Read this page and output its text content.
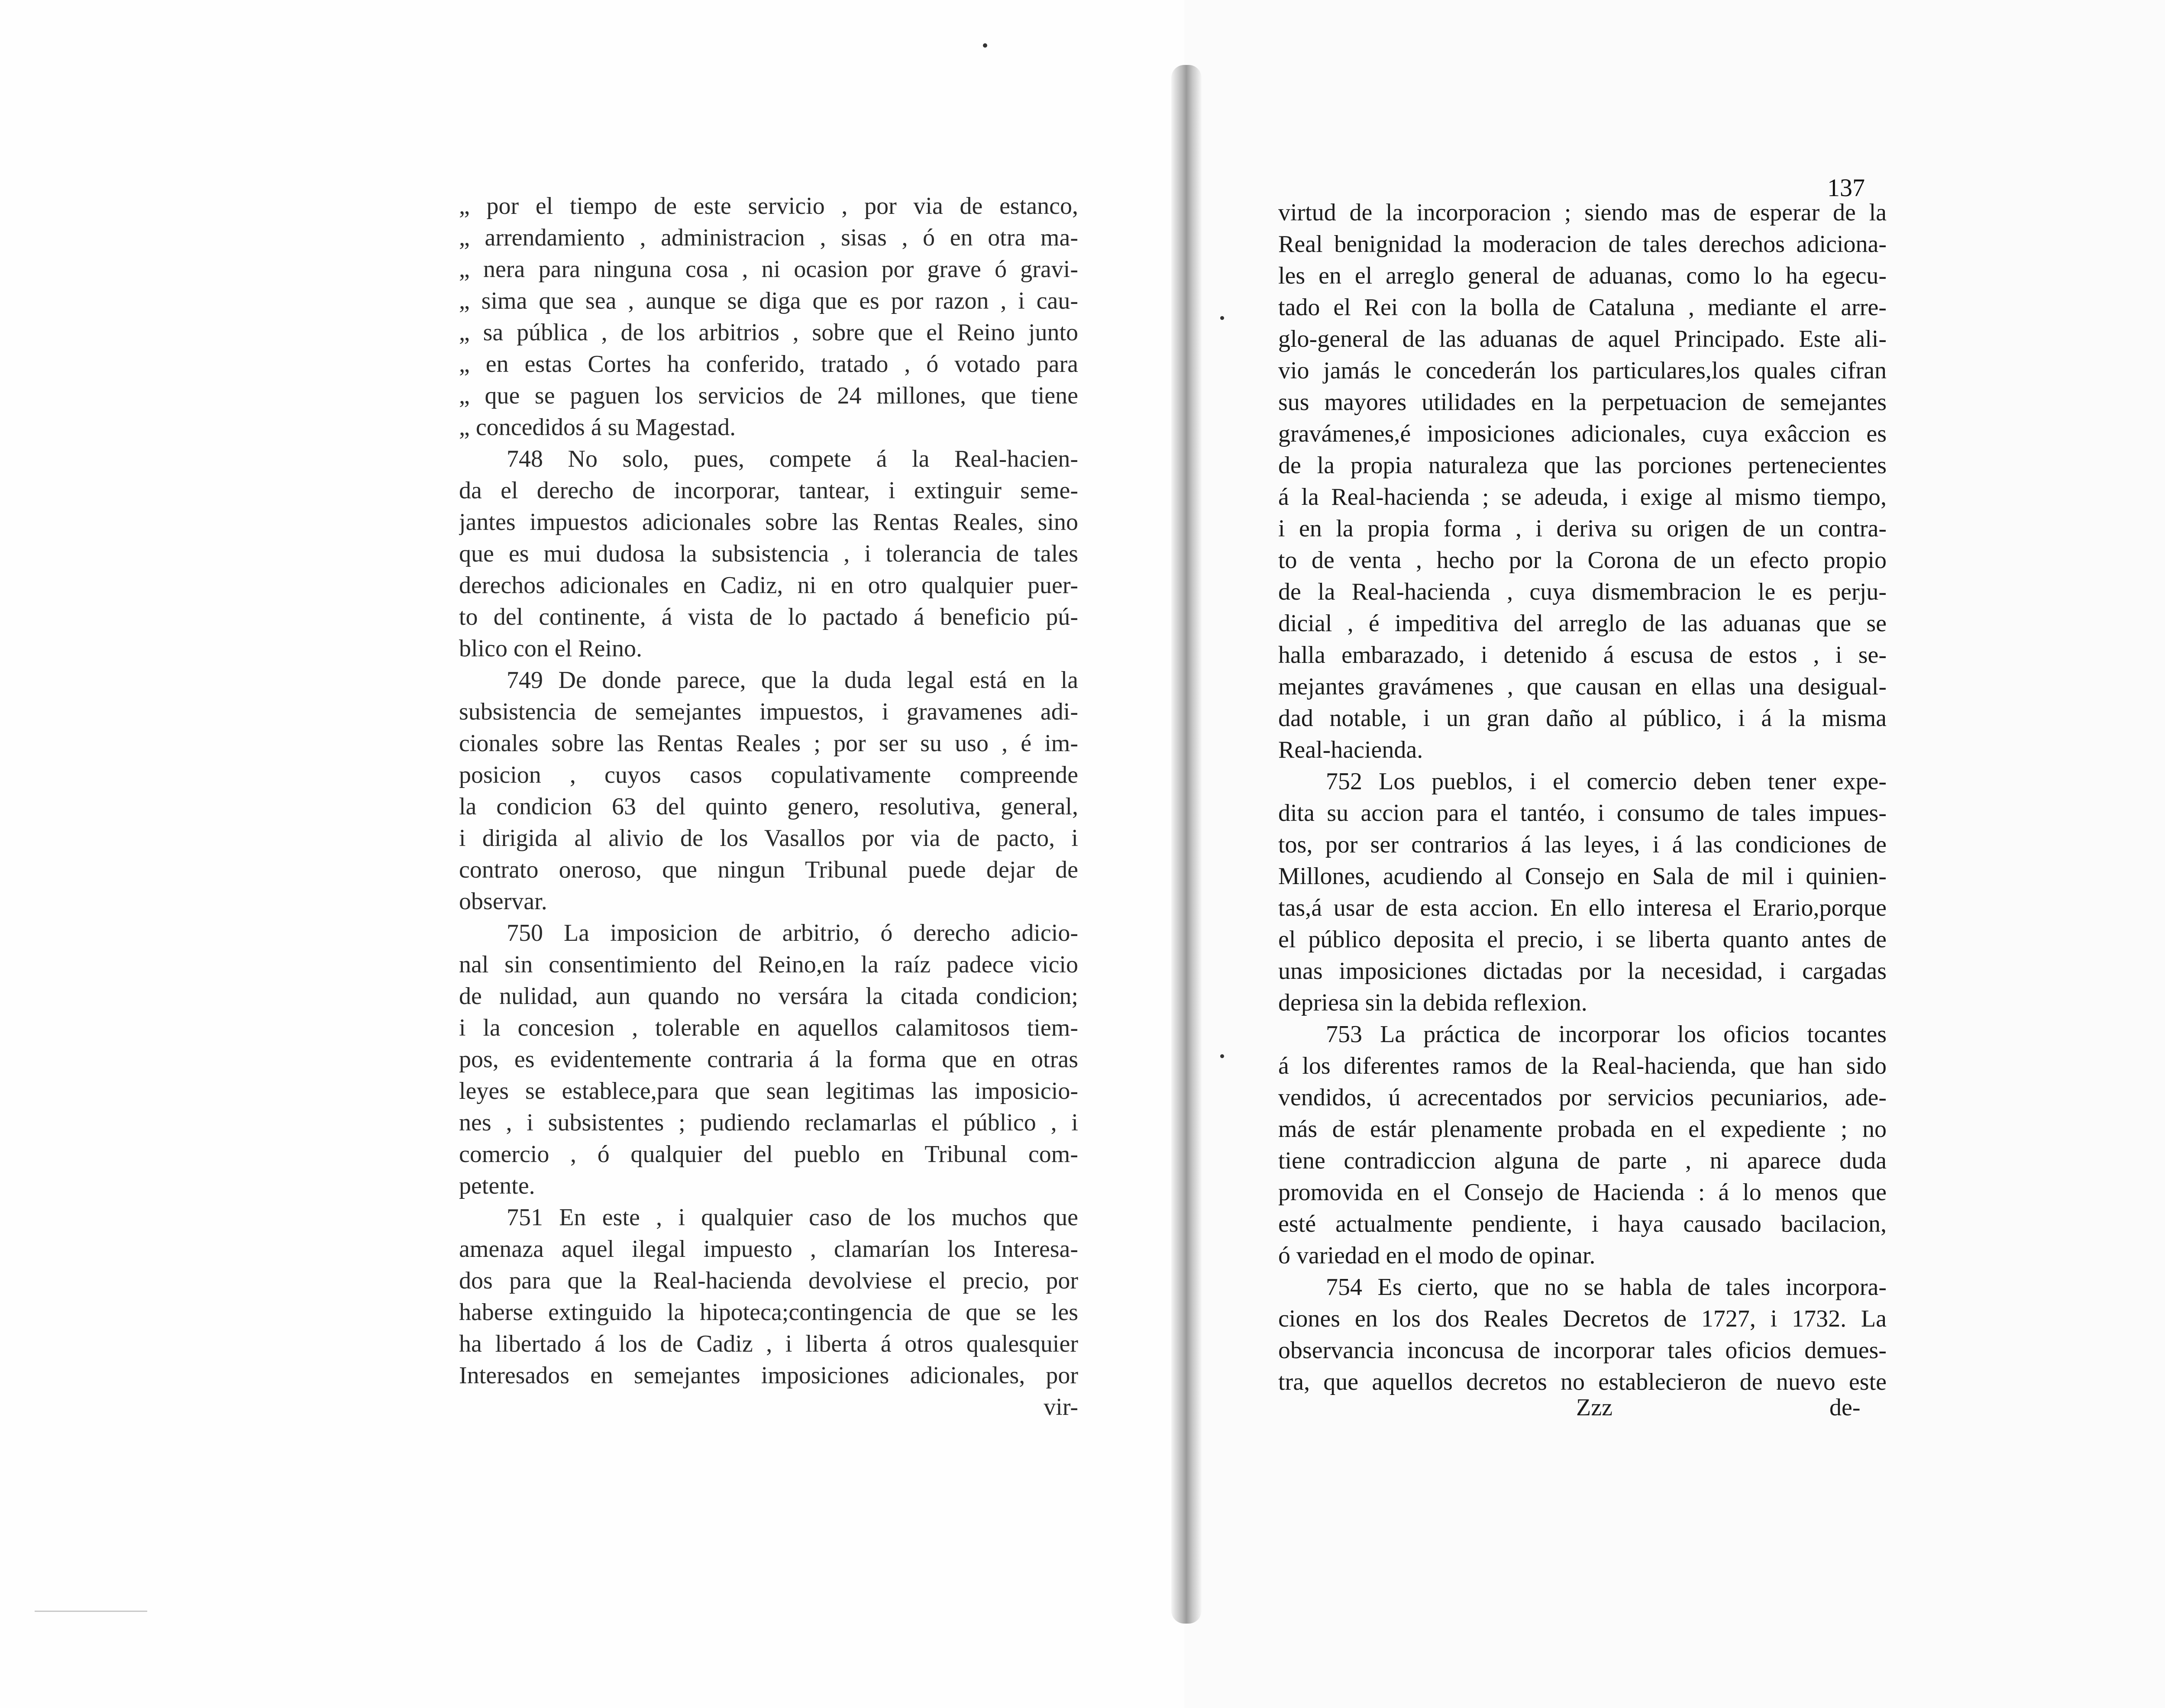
„ por el tiempo de este servicio , por via de estanco,
„ arrendamiento , administracion , sisas , ó en otra ma-
„ nera para ninguna cosa , ni ocasion por grave ó gravi-
„ sima que sea , aunque se diga que es por razon , i cau-
„ sa pública , de los arbitrios , sobre que el Reino junto
„ en estas Cortes ha conferido, tratado , ó votado para
„ que se paguen los servicios de 24 millones, que tiene
„ concedidos á su Magestad.
748 No solo, pues, compete á la Real-hacien-
da el derecho de incorporar, tantear, i extinguir seme-
jantes impuestos adicionales sobre las Rentas Reales, sino
que es mui dudosa la subsistencia , i tolerancia de tales
derechos adicionales en Cadiz, ni en otro qualquier puer-
to del continente, á vista de lo pactado á beneficio pú-
blico con el Reino.
749 De donde parece, que la duda legal está en la
subsistencia de semejantes impuestos, i gravamenes adi-
cionales sobre las Rentas Reales ; por ser su uso , é im-
posicion , cuyos casos copulativamente compreende
la condicion 63 del quinto genero, resolutiva, general,
i dirigida al alivio de los Vasallos por via de pacto, i
contrato oneroso, que ningun Tribunal puede dejar de
observar.
750 La imposicion de arbitrio, ó derecho adicio-
nal sin consentimiento del Reino,en la raíz padece vicio
de nulidad, aun quando no versára la citada condicion;
i la concesion , tolerable en aquellos calamitosos tiem-
pos, es evidentemente contraria á la forma que en otras
leyes se establece,para que sean legitimas las imposicio-
nes , i subsistentes ; pudiendo reclamarlas el público , i
comercio , ó qualquier del pueblo en Tribunal com-
petente.
751 En este , i qualquier caso de los muchos que
amenaza aquel ilegal impuesto , clamarían los Interesa-
dos para que la Real-hacienda devolviese el precio, por
haberse extinguido la hipoteca;contingencia de que se les
ha libertado á los de Cadiz , i liberta á otros qualesquier
Interesados en semejantes imposiciones adicionales, por
vir-
137
virtud de la incorporacion ; siendo mas de esperar de la
Real benignidad la moderacion de tales derechos adiciona-
les en el arreglo general de aduanas, como lo ha egecu-
tado el Rei con la bolla de Cataluna , mediante el arre-
glo-general de las aduanas de aquel Principado. Este ali-
vio jamás le concederán los particulares,los quales cifran
sus mayores utilidades en la perpetuacion de semejantes
gravámenes,é imposiciones adicionales, cuya exâccion es
de la propia naturaleza que las porciones pertenecientes
á la Real-hacienda ; se adeuda, i exige al mismo tiempo,
i en la propia forma , i deriva su origen de un contra-
to de venta , hecho por la Corona de un efecto propio
de la Real-hacienda , cuya dismembracion le es perju-
dicial , é impeditiva del arreglo de las aduanas que se
halla embarazado, i detenido á escusa de estos , i se-
mejantes gravámenes , que causan en ellas una desigual-
dad notable, i un gran daño al público, i á la misma
Real-hacienda.
752 Los pueblos, i el comercio deben tener expe-
dita su accion para el tantéo, i consumo de tales impues-
tos, por ser contrarios á las leyes, i á las condiciones de
Millones, acudiendo al Consejo en Sala de mil i quinien-
tas,á usar de esta accion. En ello interesa el Erario,porque
el público deposita el precio, i se liberta quanto antes de
unas imposiciones dictadas por la necesidad, i cargadas
depriesa sin la debida reflexion.
753 La práctica de incorporar los oficios tocantes
á los diferentes ramos de la Real-hacienda, que han sido
vendidos, ú acrecentados por servicios pecuniarios, ade-
más de estár plenamente probada en el expediente ; no
tiene contradiccion alguna de parte , ni aparece duda
promovida en el Consejo de Hacienda : á lo menos que
esté actualmente pendiente, i haya causado bacilacion,
ó variedad en el modo de opinar.
754 Es cierto, que no se habla de tales incorpora-
ciones en los dos Reales Decretos de 1727, i 1732. La
observancia inconcusa de incorporar tales oficios demues-
tra, que aquellos decretos no establecieron de nuevo este
Zzz	de-
